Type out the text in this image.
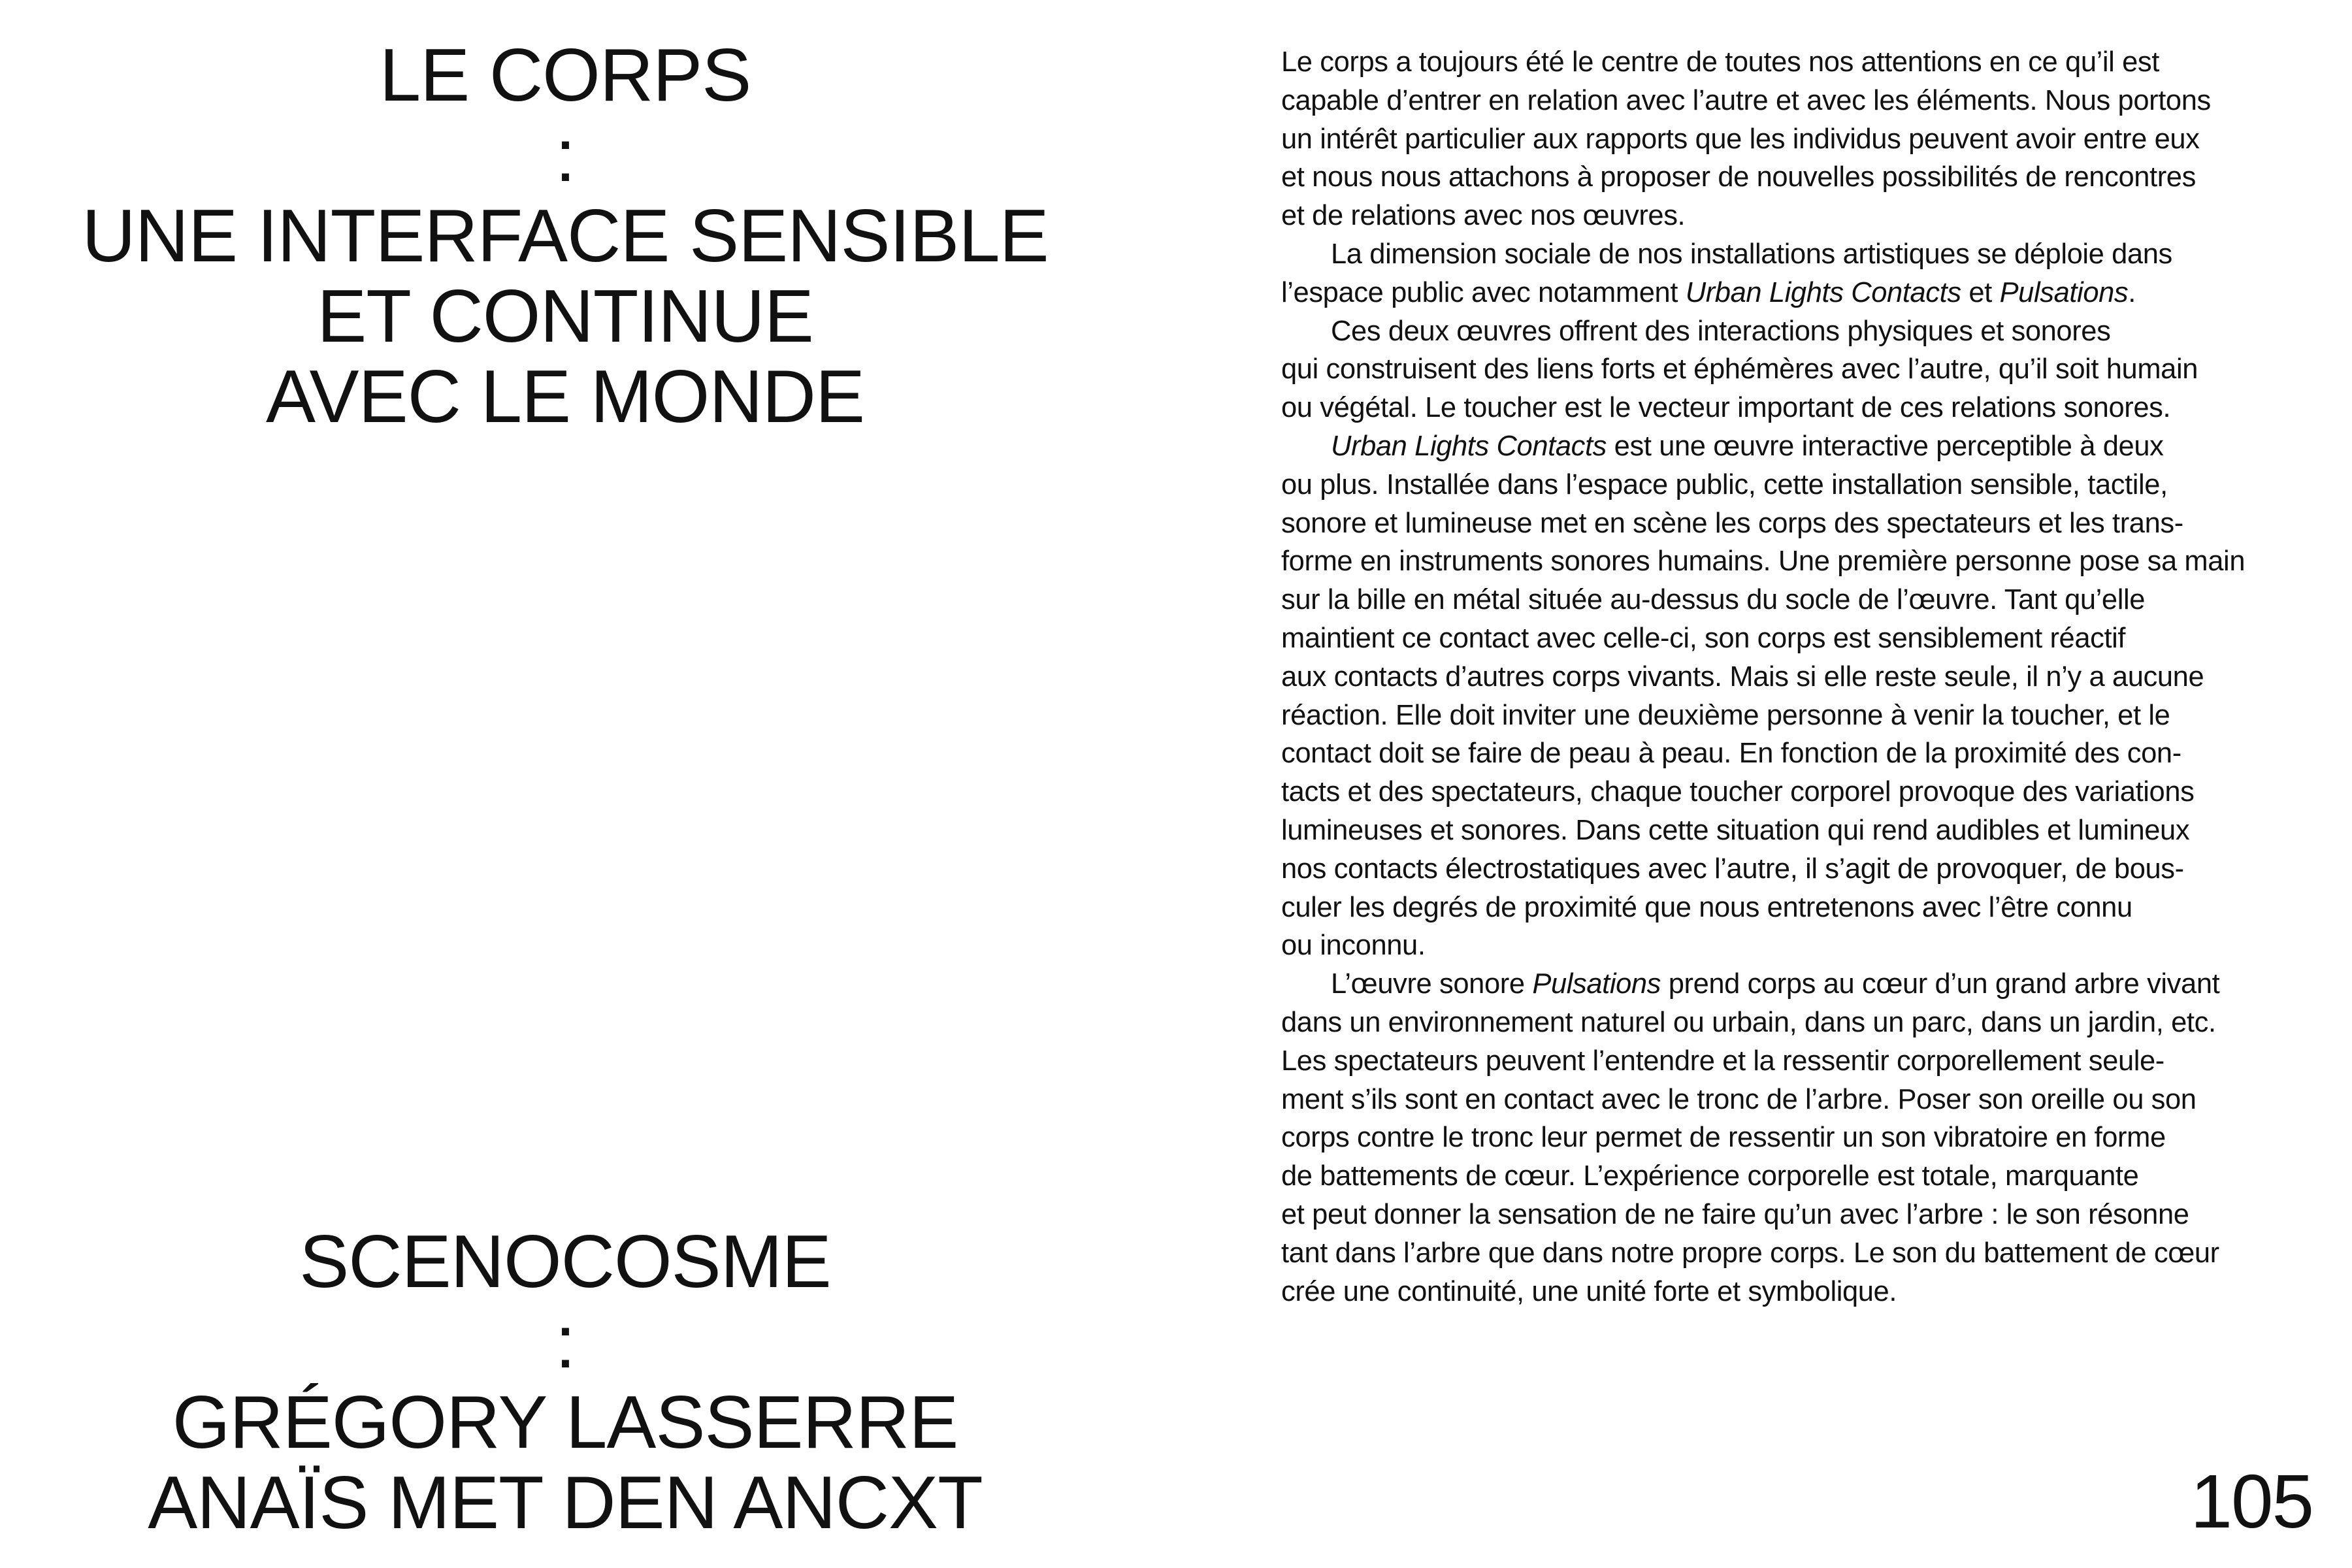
LE CORPS
:
UNE INTERFACE SENSIBLE
ET CONTINUE
AVEC LE MONDE
SCENOCOSME
:
GRÉGORY LASSERRE
ANAÏS MET DEN ANCXT
Le corps a toujours été le centre de toutes nos attentions en ce qu’il est
capable d’entrer en relation avec l’autre et avec les éléments. Nous portons
un intérêt particulier aux rapports que les individus peuvent avoir entre eux
et nous nous attachons à proposer de nouvelles possibilités de rencontres
et de relations avec nos œuvres.
La dimension sociale de nos installations artistiques se déploie dans
l’espace public avec notamment Urban Lights Contacts et Pulsations.
Ces deux œuvres offrent des interactions physiques et sonores
qui construisent des liens forts et éphémères avec l’autre, qu’il soit humain
ou végétal. Le toucher est le vecteur important de ces relations sonores.
Urban Lights Contacts est une œuvre interactive perceptible à deux
ou plus. Installée dans l’espace public, cette installation sensible, tactile,
sonore et lumineuse met en scène les corps des spectateurs et les trans-
forme en instruments sonores humains. Une première personne pose sa main
sur la bille en métal située au-dessus du socle de l’œuvre. Tant qu’elle
maintient ce contact avec celle-ci, son corps est sensiblement réactif
aux contacts d’autres corps vivants. Mais si elle reste seule, il n’y a aucune
réaction. Elle doit inviter une deuxième personne à venir la toucher, et le
contact doit se faire de peau à peau. En fonction de la proximité des con-
tacts et des spectateurs, chaque toucher corporel provoque des variations
lumineuses et sonores. Dans cette situation qui rend audibles et lumineux
nos contacts électrostatiques avec l’autre, il s’agit de provoquer, de bous-
culer les degrés de proximité que nous entretenons avec l’être connu
ou inconnu.
L’œuvre sonore Pulsations prend corps au cœur d’un grand arbre vivant
dans un environnement naturel ou urbain, dans un parc, dans un jardin, etc.
Les spectateurs peuvent l’entendre et la ressentir corporellement seule-
ment s’ils sont en contact avec le tronc de l’arbre. Poser son oreille ou son
corps contre le tronc leur permet de ressentir un son vibratoire en forme
de battements de cœur. L’expérience corporelle est totale, marquante
et peut donner la sensation de ne faire qu’un avec l’arbre : le son résonne
tant dans l’arbre que dans notre propre corps. Le son du battement de cœur
crée une continuité, une unité forte et symbolique.
105
